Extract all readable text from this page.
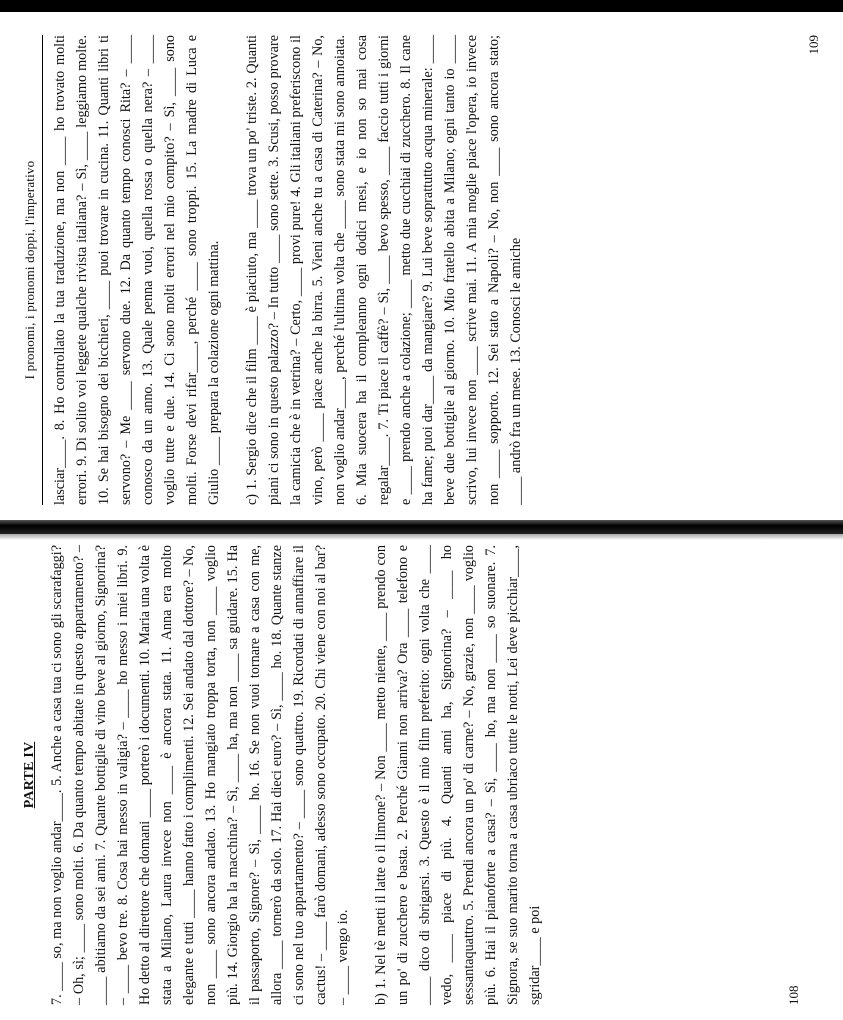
I pronomi, i pronomi doppi, l'imperativo	lasciar____. 8. Ho controllato la tua traduzione, ma non ____ ho trovato molti errori. 9. Di solito voi leggete qualche rivista italiana? – Sì, ____ leggiamo molte. 10. Se hai bisogno dei bicchieri, ____ puoi trovare in cucina. 11. Quanti libri ti servono? – Me ____ servono due. 12. Da quanto tempo conosci Rita? – ____ conosco da un anno. 13. Quale penna vuoi, quella rossa o quella nera? – ____ voglio tutte e due. 14. Ci sono molti errori nel mio compito? – Sì, ____ sono molti. Forse devi rifar____, perché ____ sono troppi. 15. La madre di Luca e Giulio ____ prepara la colazione ogni mattina. c) 1. Sergio dice che il film ____ è piaciuto, ma ____ trova un po' triste. 2. Quanti piani ci sono in questo palazzo? – In tutto ____ sono sette. 3. Scusi, posso provare la camicia che è in vetrina? – Certo, ____ provi pure! 4. Gli italiani preferiscono il vino, però ____ piace anche la birra. 5. Vieni anche tu a casa di Caterina? – No, non voglio andar____, perché l'ultima volta che ____ sono stata mi sono annoiata. 6. Mia suocera ha il compleanno ogni dodici mesi, e io non so mai cosa regalar____. 7. Ti piace il caffè? – Sì, ____ bevo spesso, ____ faccio tutti i giorni e ____ prendo anche a colazione; ____ metto due cucchiai di zucchero. 8. Il cane ha fame; puoi dar____ da mangiare? 9. Lui beve soprattutto acqua minerale: ____ beve due bottiglie al giorno. 10. Mio fratello abita a Milano; ogni tanto io ____ scrivo, lui invece non ____ scrive mai. 11. A mia moglie piace l'opera, io invece non ____ sopporto. 12. Sei stato a Napoli? – No, non ____ sono ancora stato; ____ andrò fra un mese. 13. Conosci le amiche

109
PARTE IV 7. ____ so, ma non voglio andar____. 5. Anche a casa tua ci sono gli scarafaggi? – Oh, sì; ____ sono molti. 6. Da quanto tempo abitate in questo appartamento? – ____ abitiamo da sei anni. 7. Quante bottiglie di vino beve al giorno, Signorina? – ____ bevo tre. 8. Cosa hai messo in valigia? – ____ ho messo i miei libri. 9. Ho detto al direttore che domani ____ porterò i documenti. 10. Maria una volta è stata a Milano, Laura invece non ____ è ancora stata. 11. Anna era molto elegante e tutti ____ hanno fatto i complimenti. 12. Sei andato dal dottore? – No, non ____ sono ancora andato. 13. Ho mangiato troppa torta, non ____ voglio più. 14. Giorgio ha la macchina? – Sì, ____ ha, ma non ____ sa guidare. 15. Ha il passaporto, Signore? – Sì, ____ ho. 16. Se non vuoi tornare a casa con me, allora ____ tornerò da solo. 17. Hai dieci euro? – Sì, ____ ho. 18. Quante stanze ci sono nel tuo appartamento? – ____ sono quattro. 19. Ricordati di annaffiare il cactus! – ____ farò domani, adesso sono occupato. 20. Chi viene con noi al bar? – ____ vengo io. b) 1. Nel tè metti il latte o il limone? – Non ____ metto niente, ____ prendo con un po' di zucchero e basta. 2. Perché Gianni non arriva? Ora ____ telefono e ____ dico di sbrigarsi. 3. Questo è il mio film preferito: ogni volta che ____ vedo, ____ piace di più. 4. Quanti anni ha, Signorina? – ____ ho sessantaquattro. 5. Prendi ancora un po' di carne? – No, grazie, non ____ voglio più. 6. Hai il pianoforte a casa? – Sì, ____ ho, ma non ____ so suonare. 7. Signora, se suo marito torna a casa ubriaco tutte le notti, Lei deve picchiar____, sgridar____ e poi	108
